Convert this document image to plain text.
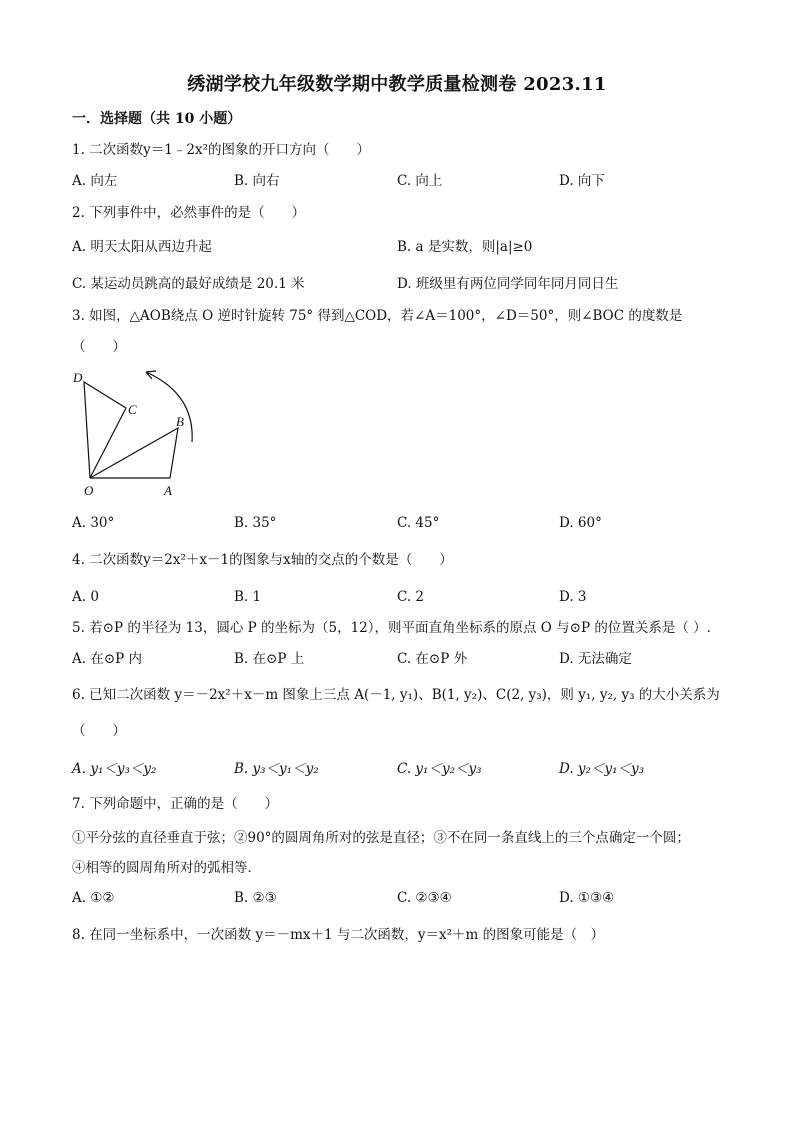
绣湖学校九年级数学期中教学质量检测卷 2023.11
一．选择题（共 10 小题）
1. 二次函数y＝1﹣2x²的图象的开口方向（　　）
A. 向左	B. 向右	C. 向上	D. 向下
2. 下列事件中，必然事件的是（　　）
A. 明天太阳从西边升起	B. a 是实数，则|a|≥0
C. 某运动员跳高的最好成绩是 20.1 米	D. 班级里有两位同学同年同月同日生
3. 如图，△AOB绕点 O 逆时针旋转 75° 得到△COD，若∠A＝100°，∠D＝50°，则∠BOC 的度数是
（　　）
D
C
B
O	A
A. 30°	B. 35°	C. 45°	D. 60°
4. 二次函数y＝2x²＋x－1的图象与x轴的交点的个数是（　　）
A. 0	B. 1	C. 2	D. 3
5. 若⊙P 的半径为 13，圆心 P 的坐标为（5，12），则平面直角坐标系的原点 O 与⊙P 的位置关系是（ ）.
A. 在⊙P 内	B. 在⊙P 上	C. 在⊙P 外	D. 无法确定
6. 已知二次函数 y＝－2x²＋x－m 图象上三点 A(－1, y₁)、B(1, y₂)、C(2, y₃)，则 y₁, y₂, y₃ 的大小关系为
（　　）
A. y₁＜y₃＜y₂	B. y₃＜y₁＜y₂	C. y₁＜y₂＜y₃	D. y₂＜y₁＜y₃
7. 下列命题中，正确的是（　　）
①平分弦的直径垂直于弦；②90°的圆周角所对的弦是直径；③不在同一条直线上的三个点确定一个圆；
④相等的圆周角所对的弧相等．
A. ①②	B. ②③	C. ②③④	D. ①③④
8. 在同一坐标系中，一次函数 y＝－mx＋1 与二次函数，y＝x²＋m 的图象可能是（　）
